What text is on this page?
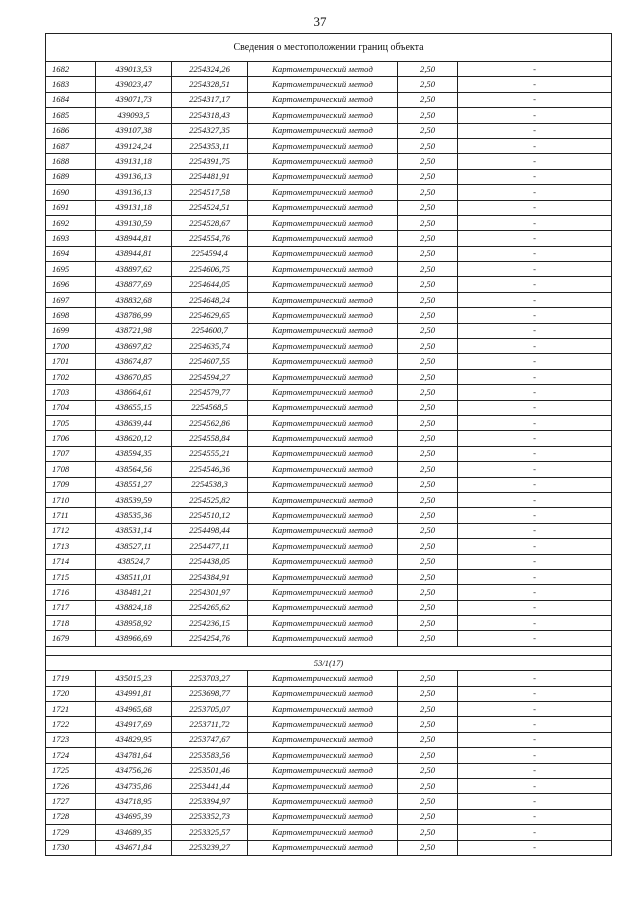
37
Сведения о местоположении границ объекта					
1682	439013,53	2254324,26	Картометрический метод	2,50	-
1683	439023,47	2254328,51	Картометрический метод	2,50	-
1684	439071,73	2254317,17	Картометрический метод	2,50	-
1685	439093,5	2254318,43	Картометрический метод	2,50	-
1686	439107,38	2254327,35	Картометрический метод	2,50	-
1687	439124,24	2254353,11	Картометрический метод	2,50	-
1688	439131,18	2254391,75	Картометрический метод	2,50	-
1689	439136,13	2254481,91	Картометрический метод	2,50	-
1690	439136,13	2254517,58	Картометрический метод	2,50	-
1691	439131,18	2254524,51	Картометрический метод	2,50	-
1692	439130,59	2254528,67	Картометрический метод	2,50	-
1693	438944,81	2254554,76	Картометрический метод	2,50	-
1694	438944,81	2254594,4	Картометрический метод	2,50	-
1695	438897,62	2254606,75	Картометрический метод	2,50	-
1696	438877,69	2254644,05	Картометрический метод	2,50	-
1697	438832,68	2254648,24	Картометрический метод	2,50	-
1698	438786,99	2254629,65	Картометрический метод	2,50	-
1699	438721,98	2254600,7	Картометрический метод	2,50	-
1700	438697,82	2254635,74	Картометрический метод	2,50	-
1701	438674,87	2254607,55	Картометрический метод	2,50	-
1702	438670,85	2254594,27	Картометрический метод	2,50	-
1703	438664,61	2254579,77	Картометрический метод	2,50	-
1704	438655,15	2254568,5	Картометрический метод	2,50	-
1705	438639,44	2254562,86	Картометрический метод	2,50	-
1706	438620,12	2254558,84	Картометрический метод	2,50	-
1707	438594,35	2254555,21	Картометрический метод	2,50	-
1708	438564,56	2254546,36	Картометрический метод	2,50	-
1709	438551,27	2254538,3	Картометрический метод	2,50	-
1710	438539,59	2254525,82	Картометрический метод	2,50	-
1711	438535,36	2254510,12	Картометрический метод	2,50	-
1712	438531,14	2254498,44	Картометрический метод	2,50	-
1713	438527,11	2254477,11	Картометрический метод	2,50	-
1714	438524,7	2254438,05	Картометрический метод	2,50	-
1715	438511,01	2254384,91	Картометрический метод	2,50	-
1716	438481,21	2254301,97	Картометрический метод	2,50	-
1717	438824,18	2254265,62	Картометрический метод	2,50	-
1718	438958,92	2254236,15	Картометрический метод	2,50	-
1679	438966,69	2254254,76	Картометрический метод	2,50	-

53/1(17)					
1719	435015,23	2253703,27	Картометрический метод	2,50	-
1720	434991,81	2253698,77	Картометрический метод	2,50	-
1721	434965,68	2253705,07	Картометрический метод	2,50	-
1722	434917,69	2253711,72	Картометрический метод	2,50	-
1723	434829,95	2253747,67	Картометрический метод	2,50	-
1724	434781,64	2253583,56	Картометрический метод	2,50	-
1725	434756,26	2253501,46	Картометрический метод	2,50	-
1726	434735,86	2253441,44	Картометрический метод	2,50	-
1727	434718,95	2253394,97	Картометрический метод	2,50	-
1728	434695,39	2253352,73	Картометрический метод	2,50	-
1729	434689,35	2253325,57	Картометрический метод	2,50	-
1730	434671,84	2253239,27	Картометрический метод	2,50	-
